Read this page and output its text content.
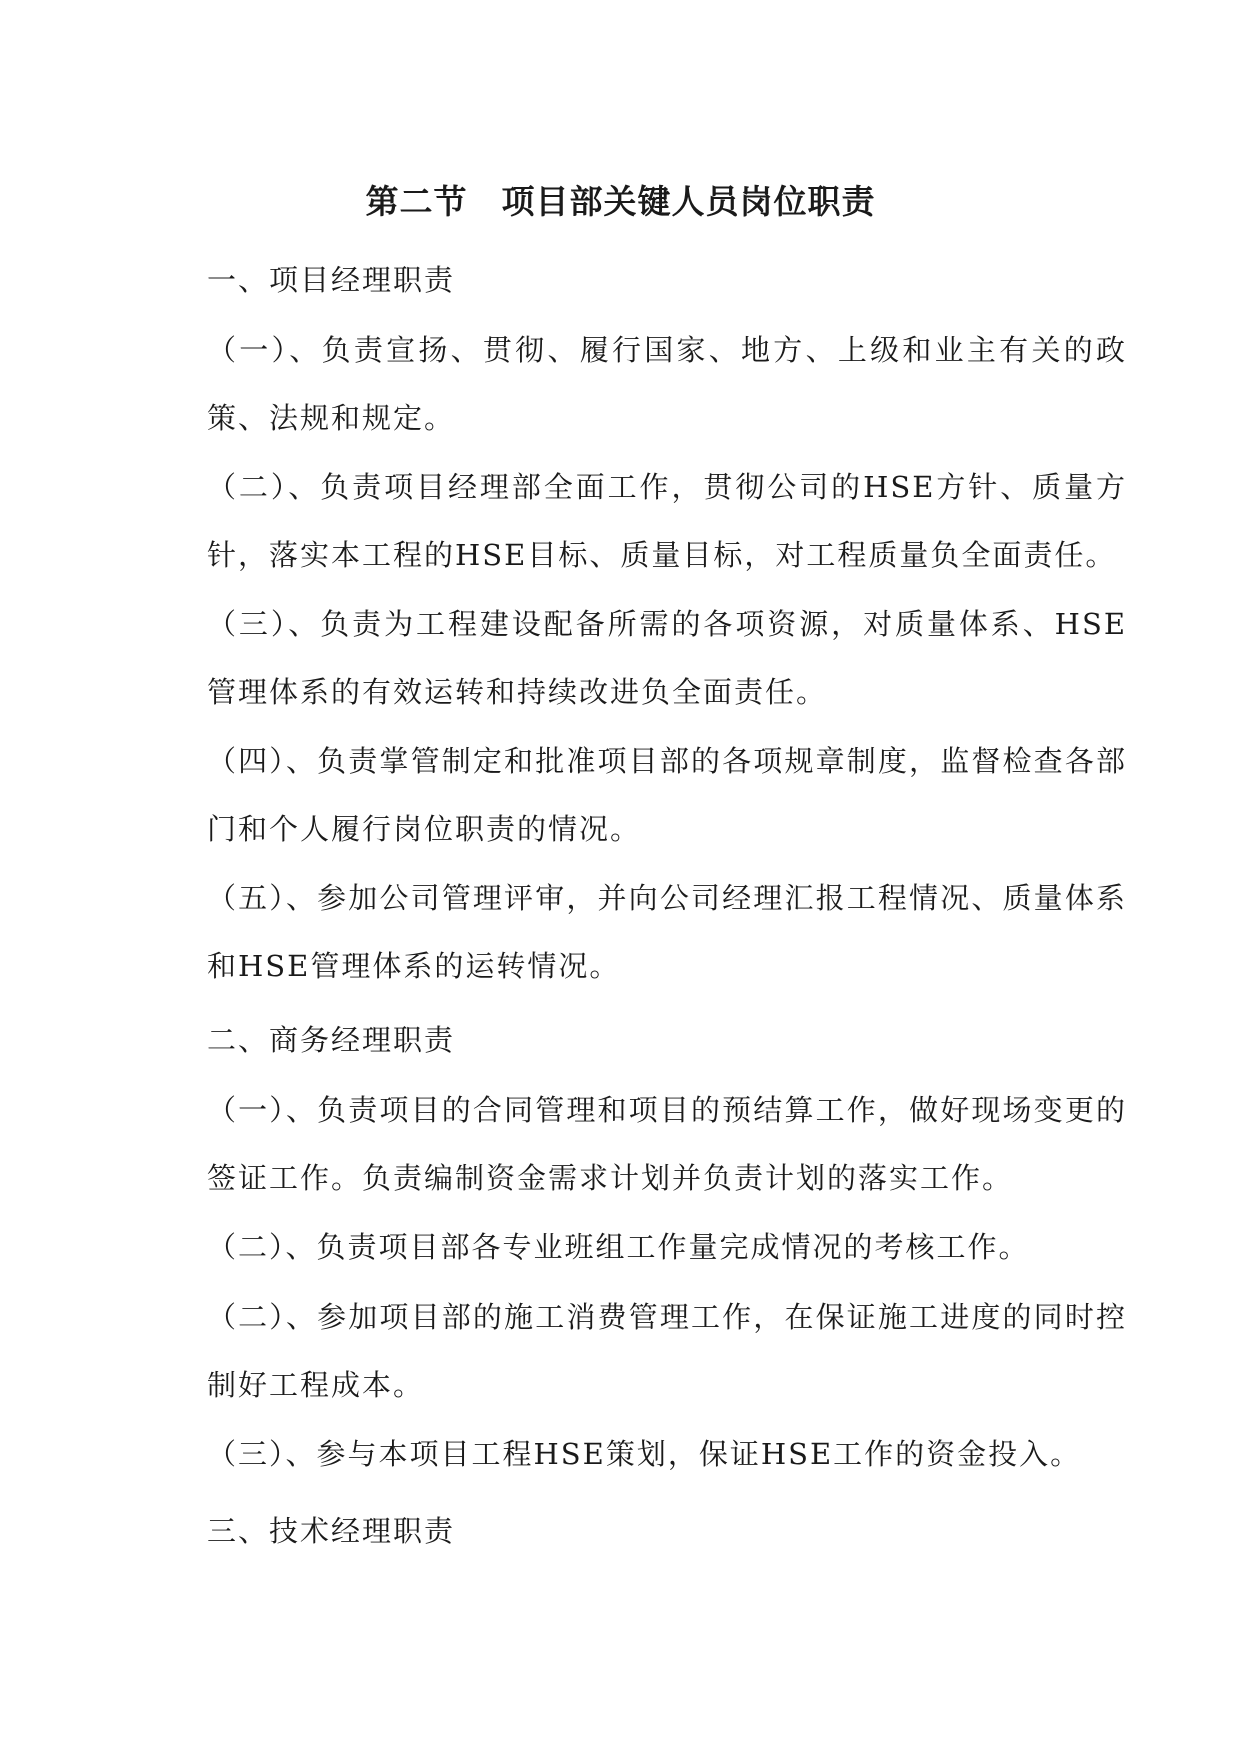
第二节　项目部关键人员岗位职责
一、项目经理职责
（一）、负责宣扬、贯彻、履行国家、地方、上级和业主有关的政策、法规和规定。
（二）、负责项目经理部全面工作，贯彻公司的HSE方针、质量方针，落实本工程的HSE目标、质量目标，对工程质量负全面责任。
（三）、负责为工程建设配备所需的各项资源，对质量体系、HSE管理体系的有效运转和持续改进负全面责任。
（四）、负责掌管制定和批准项目部的各项规章制度，监督检查各部门和个人履行岗位职责的情况。
（五）、参加公司管理评审，并向公司经理汇报工程情况、质量体系和HSE管理体系的运转情况。
二、商务经理职责
（一）、负责项目的合同管理和项目的预结算工作，做好现场变更的签证工作。负责编制资金需求计划并负责计划的落实工作。
（二）、负责项目部各专业班组工作量完成情况的考核工作。
（二）、参加项目部的施工消费管理工作，在保证施工进度的同时控制好工程成本。
（三）、参与本项目工程HSE策划，保证HSE工作的资金投入。
三、技术经理职责
